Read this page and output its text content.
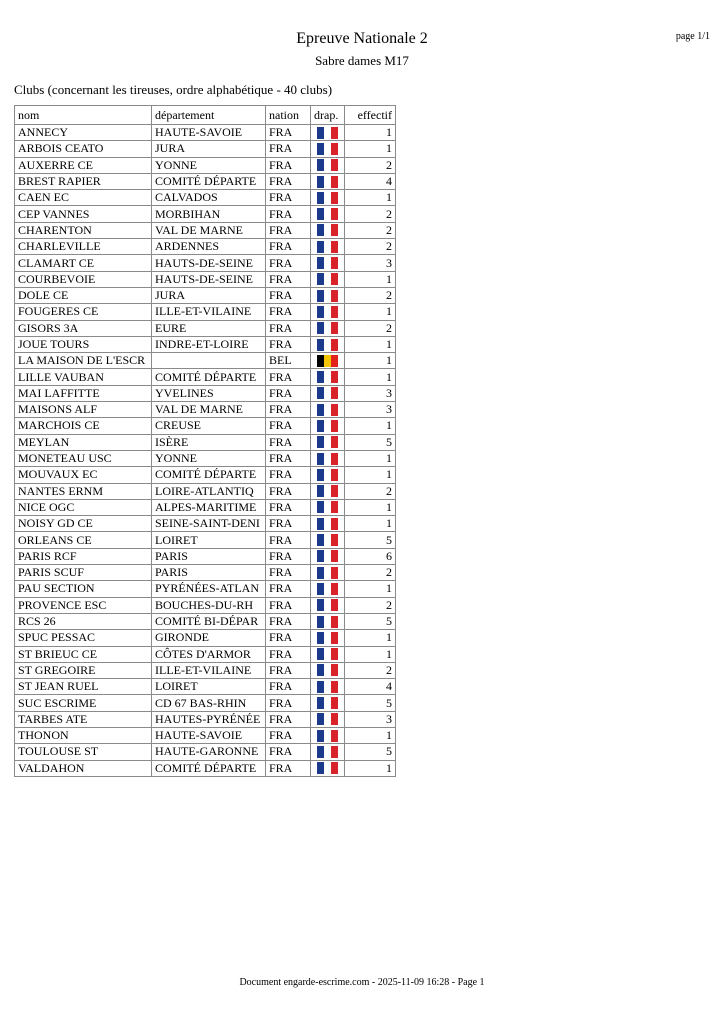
Epreuve Nationale 2
Sabre dames M17
page 1/1
Clubs (concernant les tireuses, ordre alphabétique - 40 clubs)
nom	département	nation	drap.	effectif
ANNECY	HAUTE-SAVOIE	FRA		1
ARBOIS CEATO	JURA	FRA		1
AUXERRE CE	YONNE	FRA		2
BREST RAPIER	COMITÉ DÉPARTE	FRA		4
CAEN EC	CALVADOS	FRA		1
CEP VANNES	MORBIHAN	FRA		2
CHARENTON	VAL DE MARNE	FRA		2
CHARLEVILLE	ARDENNES	FRA		2
CLAMART CE	HAUTS-DE-SEINE	FRA		3
COURBEVOIE	HAUTS-DE-SEINE	FRA		1
DOLE CE	JURA	FRA		2
FOUGERES CE	ILLE-ET-VILAINE	FRA		1
GISORS 3A	EURE	FRA		2
JOUE TOURS	INDRE-ET-LOIRE	FRA		1
LA MAISON DE L'ESCR		BEL		1
LILLE VAUBAN	COMITÉ DÉPARTE	FRA		1
MAI LAFFITTE	YVELINES	FRA		3
MAISONS ALF	VAL DE MARNE	FRA		3
MARCHOIS CE	CREUSE	FRA		1
MEYLAN	ISÈRE	FRA		5
MONETEAU USC	YONNE	FRA		1
MOUVAUX EC	COMITÉ DÉPARTE	FRA		1
NANTES ERNM	LOIRE-ATLANTIQ	FRA		2
NICE OGC	ALPES-MARITIME	FRA		1
NOISY GD CE	SEINE-SAINT-DENI	FRA		1
ORLEANS CE	LOIRET	FRA		5
PARIS RCF	PARIS	FRA		6
PARIS SCUF	PARIS	FRA		2
PAU SECTION	PYRÉNÉES-ATLAN	FRA		1
PROVENCE ESC	BOUCHES-DU-RH	FRA		2
RCS 26	COMITÉ BI-DÉPAR	FRA		5
SPUC PESSAC	GIRONDE	FRA		1
ST BRIEUC CE	CÔTES D'ARMOR	FRA		1
ST GREGOIRE	ILLE-ET-VILAINE	FRA		2
ST JEAN RUEL	LOIRET	FRA		4
SUC ESCRIME	CD 67 BAS-RHIN	FRA		5
TARBES ATE	HAUTES-PYRÉNÉE	FRA		3
THONON	HAUTE-SAVOIE	FRA		1
TOULOUSE ST	HAUTE-GARONNE	FRA		5
VALDAHON	COMITÉ DÉPARTE	FRA		1
Document engarde-escrime.com - 2025-11-09 16:28 - Page 1
